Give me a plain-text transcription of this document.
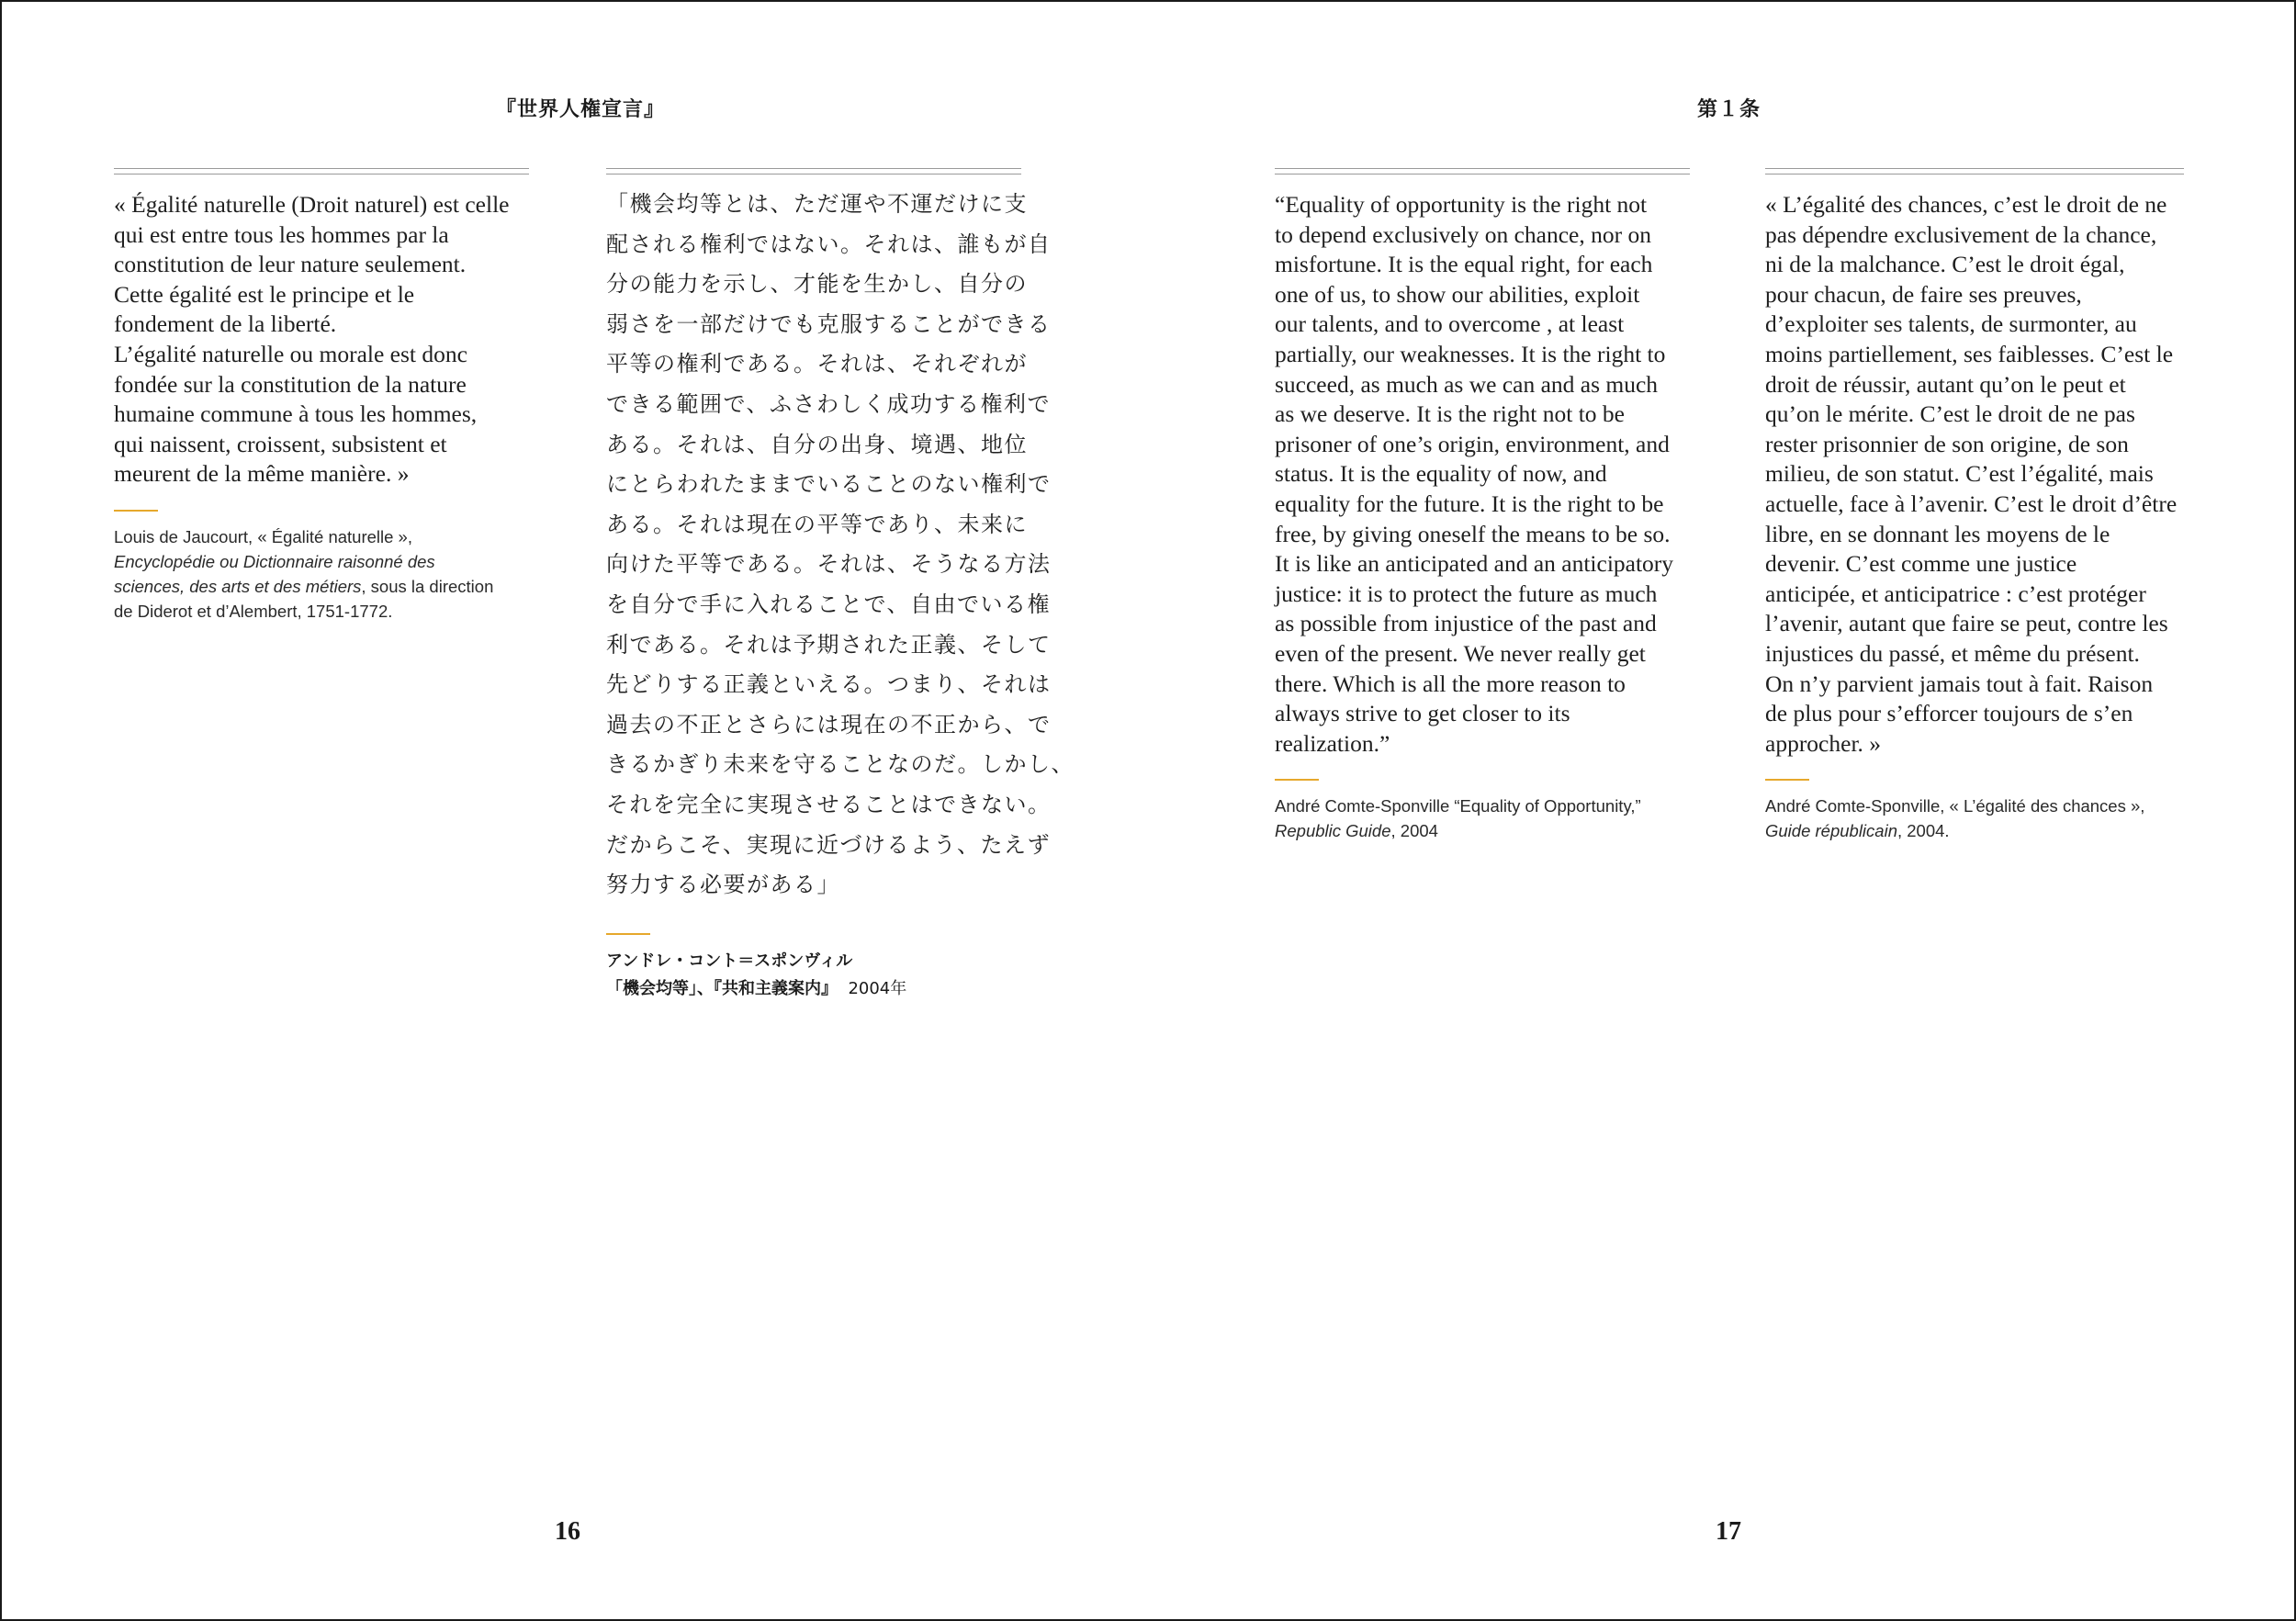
『世界人権宣言』	第１条

« Égalité naturelle (Droit naturel) est celle
qui est entre tous les hommes par la
constitution de leur nature seulement.
Cette égalité est le principe et le
fondement de la liberté.
L’égalité naturelle ou morale est donc
fondée sur la constitution de la nature
humaine commune à tous les hommes,
qui naissent, croissent, subsistent et
meurent de la même manière. »

Louis de Jaucourt, « Égalité naturelle »,
Encyclopédie ou Dictionnaire raisonné des
sciences, des arts et des métiers, sous la direction
de Diderot et d’Alembert, 1751-1772.

「機会均等とは、ただ運や不運だけに支
配される権利ではない。それは、誰もが自
分の能力を示し、才能を生かし、自分の
弱さを一部だけでも克服することができる
平等の権利である。それは、それぞれが
できる範囲で、ふさわしく成功する権利で
ある。それは、自分の出身、境遇、地位
にとらわれたままでいることのない権利で
ある。それは現在の平等であり、未来に
向けた平等である。それは、そうなる方法
を自分で手に入れることで、自由でいる権
利である。それは予期された正義、そして
先どりする正義といえる。つまり、それは
過去の不正とさらには現在の不正から、で
きるかぎり未来を守ることなのだ。しかし、
それを完全に実現させることはできない。
だからこそ、実現に近づけるよう、たえず
努力する必要がある」

アンドレ・コント＝スポンヴィル
「機会均等」、『共和主義案内』 2004年

“Equality of opportunity is the right not
to depend exclusively on chance, nor on
misfortune. It is the equal right, for each
one of us, to show our abilities, exploit
our talents, and to overcome , at least
partially, our weaknesses. It is the right to
succeed, as much as we can and as much
as we deserve. It is the right not to be
prisoner of one’s origin, environment, and
status. It is the equality of now, and
equality for the future. It is the right to be
free, by giving oneself the means to be so.
It is like an anticipated and an anticipatory
justice: it is to protect the future as much
as possible from injustice of the past and
even of the present. We never really get
there. Which is all the more reason to
always strive to get closer to its
realization.”

André Comte-Sponville “Equality of Opportunity,”
Republic Guide, 2004

« L’égalité des chances, c’est le droit de ne
pas dépendre exclusivement de la chance,
ni de la malchance. C’est le droit égal,
pour chacun, de faire ses preuves,
d’exploiter ses talents, de surmonter, au
moins partiellement, ses faiblesses. C’est le
droit de réussir, autant qu’on le peut et
qu’on le mérite. C’est le droit de ne pas
rester prisonnier de son origine, de son
milieu, de son statut. C’est l’égalité, mais
actuelle, face à l’avenir. C’est le droit d’être
libre, en se donnant les moyens de le
devenir. C’est comme une justice
anticipée, et anticipatrice : c’est protéger
l’avenir, autant que faire se peut, contre les
injustices du passé, et même du présent.
On n’y parvient jamais tout à fait. Raison
de plus pour s’efforcer toujours de s’en
approcher. »

André Comte-Sponville, « L’égalité des chances »,
Guide républicain, 2004.

16	17
